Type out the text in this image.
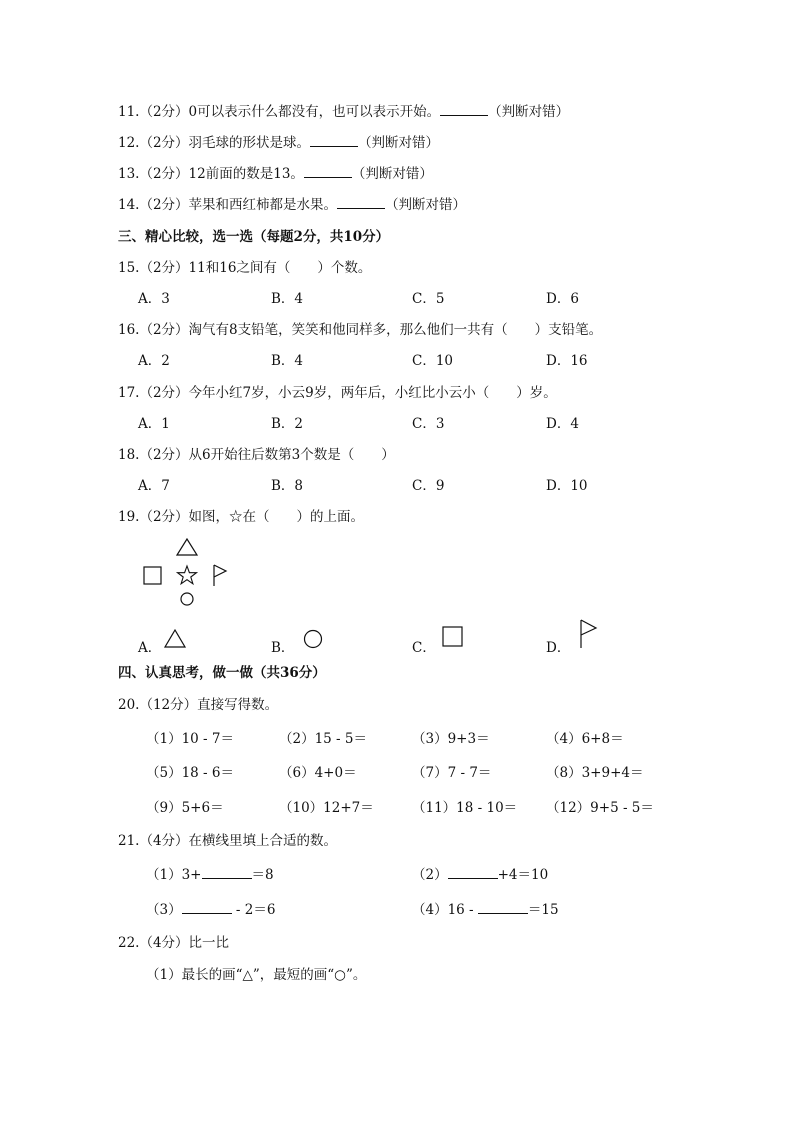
11.（2分）0可以表示什么都没有，也可以表示开始。	（判断对错）
12.（2分）羽毛球的形状是球。	（判断对错）
13.（2分）12前面的数是13。	（判断对错）
14.（2分）苹果和西红柿都是水果。	（判断对错）
三、精心比较，选一选（每题2分，共10分）
15.（2分）11和16之间有（　　）个数。
A．3	B．4	C．5	D．6
16.（2分）淘气有8支铅笔，笑笑和他同样多，那么他们一共有（　　）支铅笔。
A．2	B．4	C．10	D．16
17.（2分）今年小红7岁，小云9岁，两年后，小红比小云小（　　）岁。
A．1	B．2	C．3	D．4
18.（2分）从6开始往后数第3个数是（　　）
A．7	B．8	C．9	D．10
19.（2分）如图，☆在（　　）的上面。
A．	B．	C．	D．
四、认真思考，做一做（共36分）
20.（12分）直接写得数。
（1）10 - 7＝	（2）15 - 5＝	（3）9+3＝	（4）6+8＝
（5）18 - 6＝	（6）4+0＝	（7）7 - 7＝	（8）3+9+4＝
（9）5+6＝	（10）12+7＝	（11）18 - 10＝ （12）9+5 - 5＝
21.（4分）在横线里填上合适的数。
（1）3+	＝8	（2）	+4＝10
（3）	- 2＝6	（4）16 -	＝15
22.（4分）比一比
（1）最长的画“△”，最短的画“○”。
